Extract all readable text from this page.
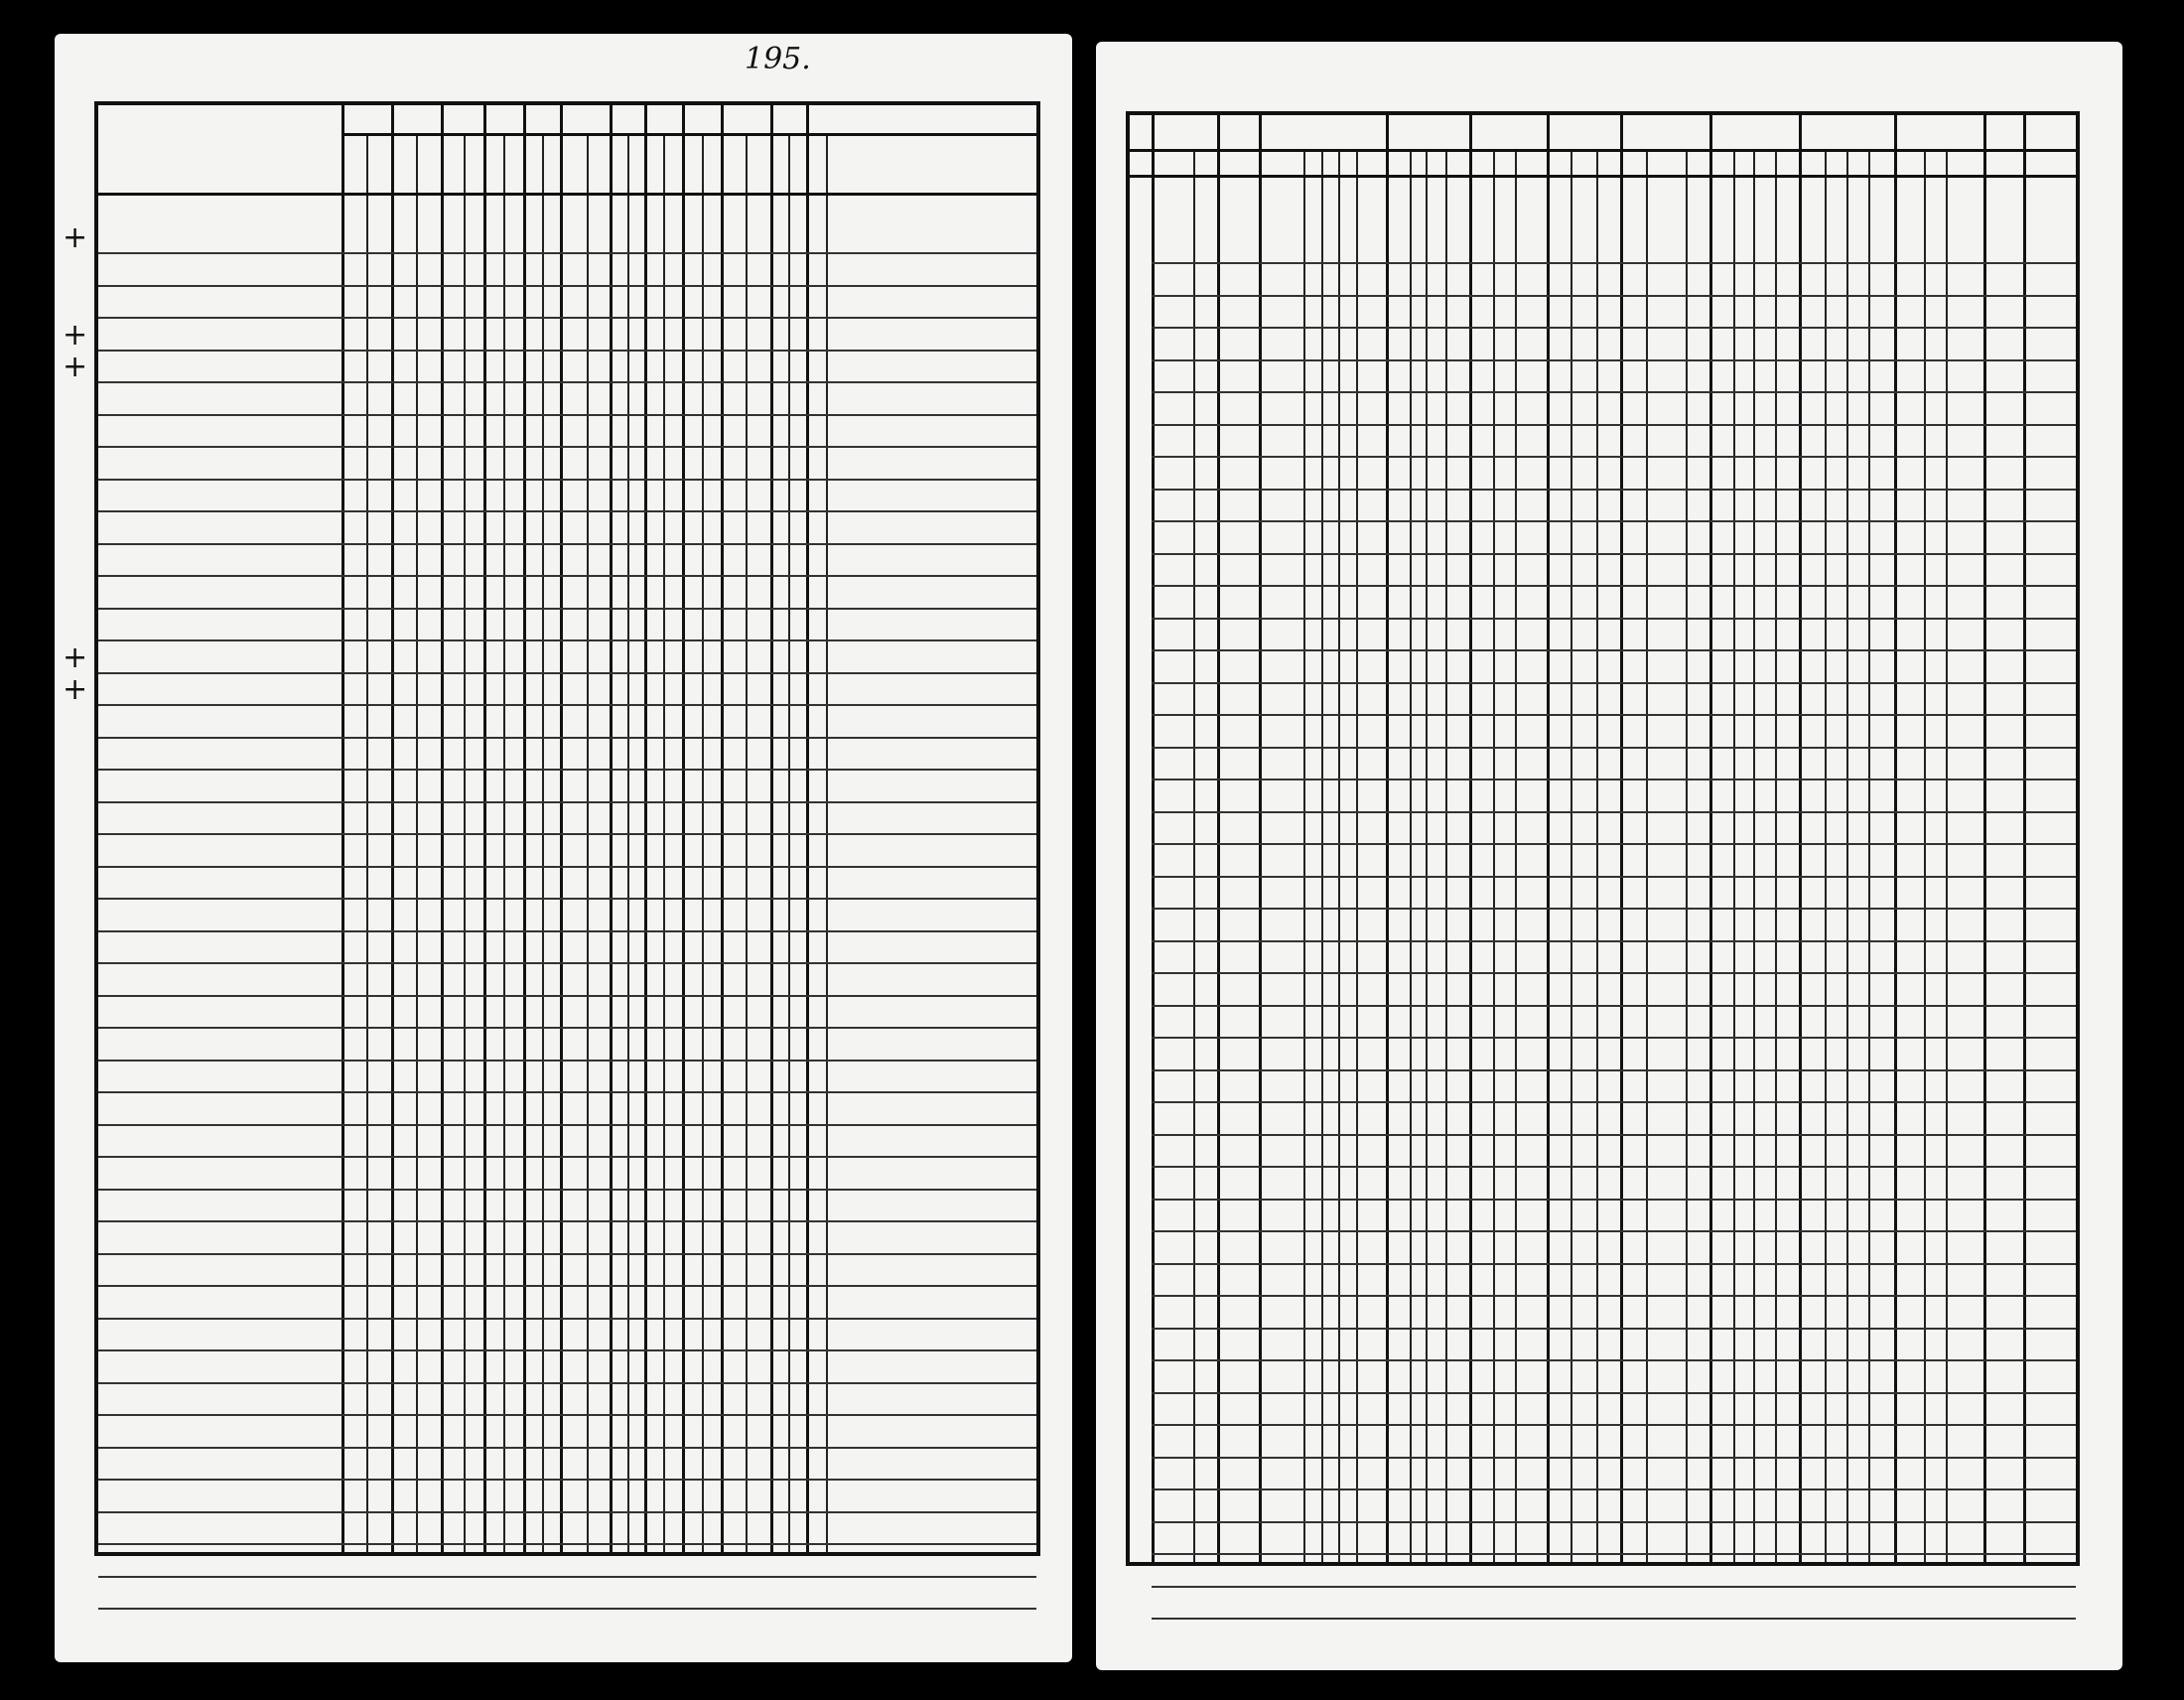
195.
+
+
+
+
+
